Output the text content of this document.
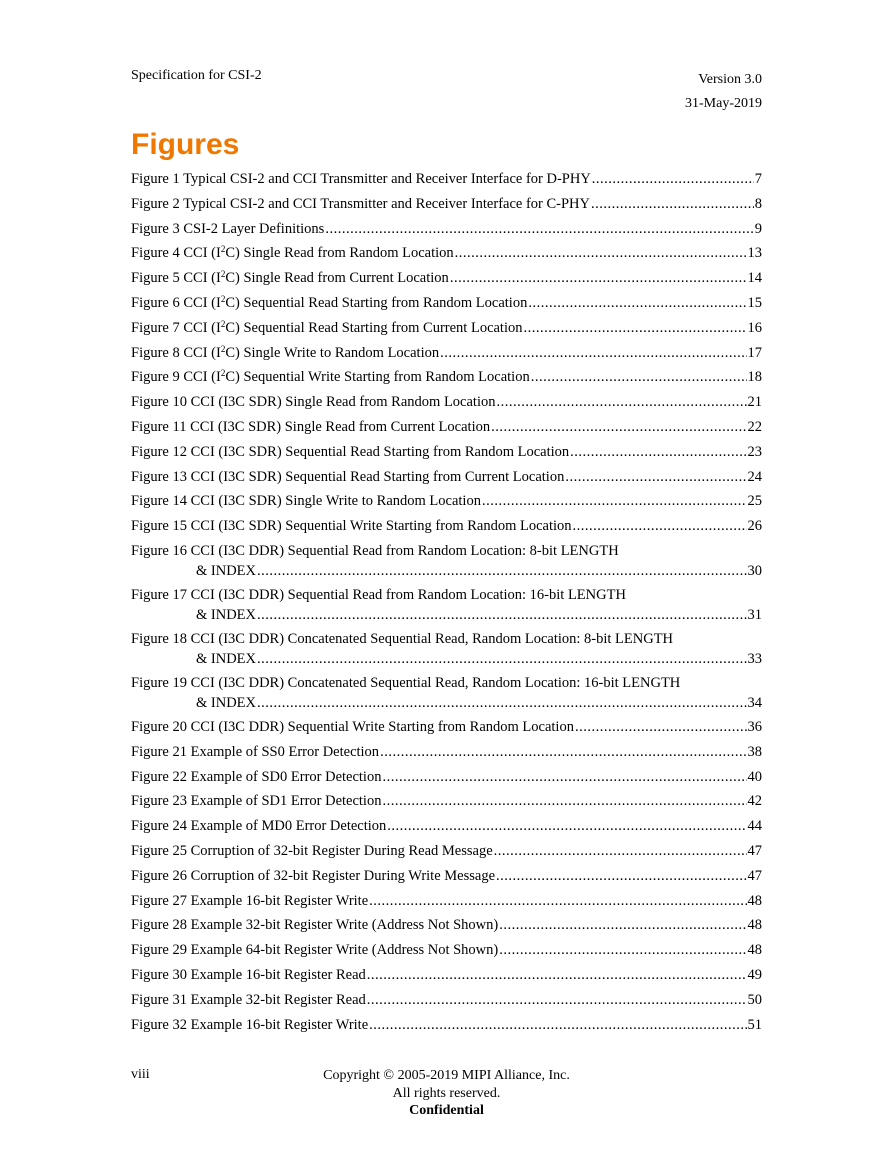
Specification for CSI-2	Version 3.0
31-May-2019
Figures
Figure 1 Typical CSI-2 and CCI Transmitter and Receiver Interface for D-PHY .....	7
Figure 2 Typical CSI-2 and CCI Transmitter and Receiver Interface for C-PHY .....	8
Figure 3 CSI-2 Layer Definitions .....	9
Figure 4 CCI $(I^2C)$ Single Read from Random Location .....	13
Figure 5 CCI $(I^2C)$ Single Read from Current Location .....	14
Figure 6 CCI $(I^2C)$ Sequential Read Starting from Random Location .....	15
Figure 7 CCI $(I^2C)$ Sequential Read Starting from Current Location .....	16
Figure 8 CCI $(I^2C)$ Single Write to Random Location .....	17
Figure 9 CCI $(I^2C)$ Sequential Write Starting from Random Location .....	18
Figure 10 CCI (I3C SDR) Single Read from Random Location .....	21
Figure 11 CCI (I3C SDR) Single Read from Current Location .....	22
Figure 12 CCI (I3C SDR) Sequential Read Starting from Random Location .....	23
Figure 13 CCI (I3C SDR) Sequential Read Starting from Current Location .....	24
Figure 14 CCI (I3C SDR) Single Write to Random Location .....	25
Figure 15 CCI (I3C SDR) Sequential Write Starting from Random Location .....	26
Figure 16 CCI (I3C DDR) Sequential Read from Random Location: 8-bit LENGTH
& INDEX .....	30
Figure 17 CCI (I3C DDR) Sequential Read from Random Location: 16-bit LENGTH
& INDEX .....	31
Figure 18 CCI (I3C DDR) Concatenated Sequential Read, Random Location: 8-bit LENGTH
& INDEX .....	33
Figure 19 CCI (I3C DDR) Concatenated Sequential Read, Random Location: 16-bit LENGTH
& INDEX .....	34
Figure 20 CCI (I3C DDR) Sequential Write Starting from Random Location .....	36
Figure 21 Example of SS0 Error Detection .....	38
Figure 22 Example of SD0 Error Detection .....	40
Figure 23 Example of SD1 Error Detection .....	42
Figure 24 Example of MD0 Error Detection .....	44
Figure 25 Corruption of 32-bit Register During Read Message .....	47
Figure 26 Corruption of 32-bit Register During Write Message .....	47
Figure 27 Example 16-bit Register Write .....	48
Figure 28 Example 32-bit Register Write (Address Not Shown) .....	48
Figure 29 Example 64-bit Register Write (Address Not Shown) .....	48
Figure 30 Example 16-bit Register Read .....	49
Figure 31 Example 32-bit Register Read .....	50
Figure 32 Example 16-bit Register Write .....	51
viii	Copyright © 2005-2019 MIPI Alliance, Inc.
All rights reserved.
Confidential
